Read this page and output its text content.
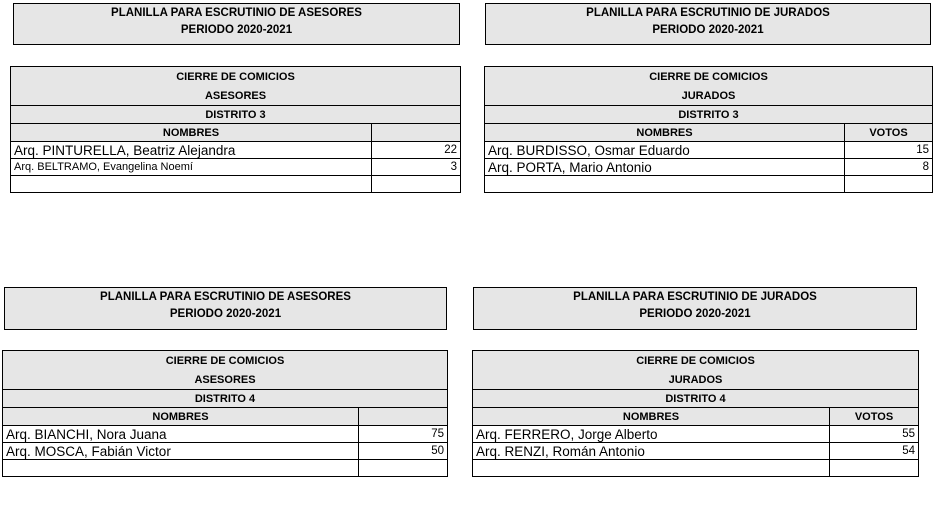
PLANILLA PARA ESCRUTINIO DE ASESORES
PERIODO 2020-2021
CIERRE DE COMICIOS	
ASESORES	
DISTRITO 3	
NOMBRES	
Arq. PINTURELLA, Beatriz Alejandra	22
Arq. BELTRAMO, Evangelina Noemí	3

PLANILLA PARA ESCRUTINIO DE JURADOS
PERIODO 2020-2021
CIERRE DE COMICIOS	
JURADOS	
DISTRITO 3	
NOMBRES	VOTOS
Arq. BURDISSO, Osmar Eduardo	15
Arq. PORTA, Mario Antonio	8

PLANILLA PARA ESCRUTINIO DE ASESORES
PERIODO 2020-2021
CIERRE DE COMICIOS	
ASESORES	
DISTRITO 4	
NOMBRES	
Arq. BIANCHI, Nora Juana	75
Arq. MOSCA, Fabián Victor	50

PLANILLA PARA ESCRUTINIO DE JURADOS
PERIODO 2020-2021
CIERRE DE COMICIOS	
JURADOS	
DISTRITO 4	
NOMBRES	VOTOS
Arq. FERRERO, Jorge Alberto	55
Arq. RENZI, Román Antonio	54
